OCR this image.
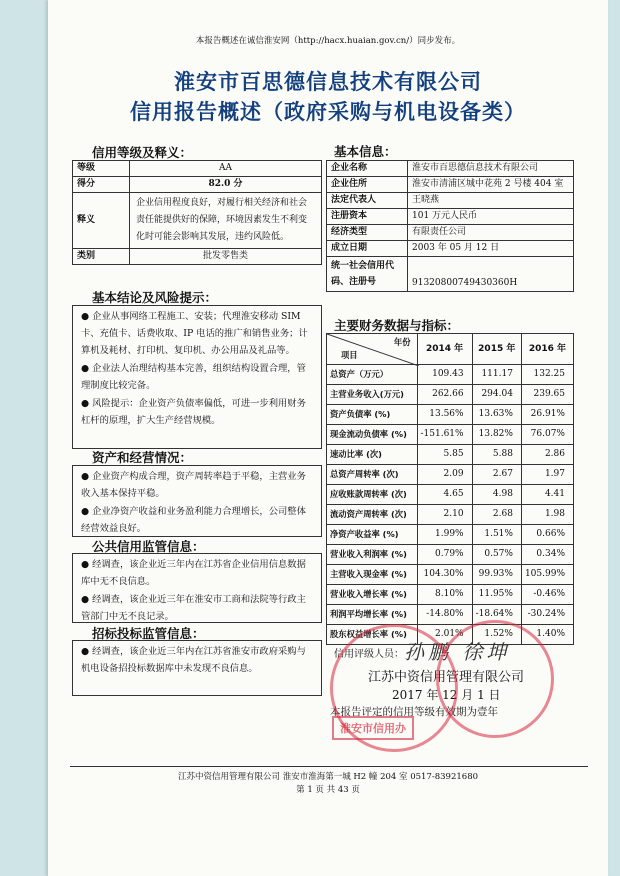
本报告概述在诚信淮安网（http://hacx.huaian.gov.cn/）同步发布。
淮安市百思德信息技术有限公司
信用报告概述（政府采购与机电设备类）
信用等级及释义：
等级	AA
得分	82.0 分
释义	企业信用程度良好，对履行相关经济和社会责任能提供好的保障，环境因素发生不利变化时可能会影响其发展，违约风险低。
类别	批发零售类
基本结论及风险提示：

● 企业从事网络工程施工、安装；代理淮安移动 SIM 卡、充值卡、话费收取、IP 电话的推广和销售业务；计算机及耗材、打印机、复印机、办公用品及礼品等。

● 企业法人治理结构基本完善，组织结构设置合理，管理制度比较完备。

● 风险提示：企业资产负债率偏低，可进一步利用财务杠杆的原理，扩大生产经营规模。

资产和经营情况：

● 企业资产构成合理，资产周转率趋于平稳，主营业务收入基本保持平稳。

● 企业净资产收益和业务盈利能力合理增长，公司整体经营效益良好。

公共信用监管信息：

● 经调查，该企业近三年内在江苏省企业信用信息数据库中无不良信息。

● 经调查，该企业近三年在淮安市工商和法院等行政主管部门中无不良记录。

招标投标监管信息：

● 经调查，该企业近三年内在江苏省淮安市政府采购与机电设备招投标数据库中未发现不良信息。

基本信息：
企业名称	淮安市百思德信息技术有限公司
企业住所	淮安市清浦区城中花苑 2 号楼 404 室
法定代表人	王晓燕
注册资本	101 万元人民币
经济类型	有限责任公司
成立日期	2003 年 05 月 12 日
统一社会信用代码、注册号	91320800749430360H
主要财务数据与指标：
年份
项目	2014 年	2015 年	2016 年
总资产（万元）	109.43	111.17	132.25
主营业务收入(万元)	262.66	294.04	239.65
资产负债率 (%)	13.56%	13.63%	26.91%
现金流动负债率 (%)	-151.61%	13.82%	76.07%
速动比率 (次)	5.85	5.88	2.86
总资产周转率 (次)	2.09	2.67	1.97
应收账款周转率 (次)	4.65	4.98	4.41
流动资产周转率 (次)	2.10	2.68	1.98
净资产收益率 (%)	1.99%	1.51%	0.66%
营业收入利润率 (%)	0.79%	0.57%	0.34%
主营收入现金率 (%)	104.30%	99.93%	105.99%
营业收入增长率 (%)	8.10%	11.95%	-0.46%
利润平均增长率 (%)	-14.80%	-18.64%	-30.24%
股东权益增长率 (%)	2.01%	1.52%	1.40%
信用评级人员： 孙鹏 徐坤
江苏中资信用管理有限公司
2017 年 12 月 1 日
本报告评定的信用等级有效期为壹年
淮安市信用办
江苏中资信用管理有限公司 淮安市淮海第一城 H2 幢 204 室 0517-83921680
第 1 页 共 43 页
